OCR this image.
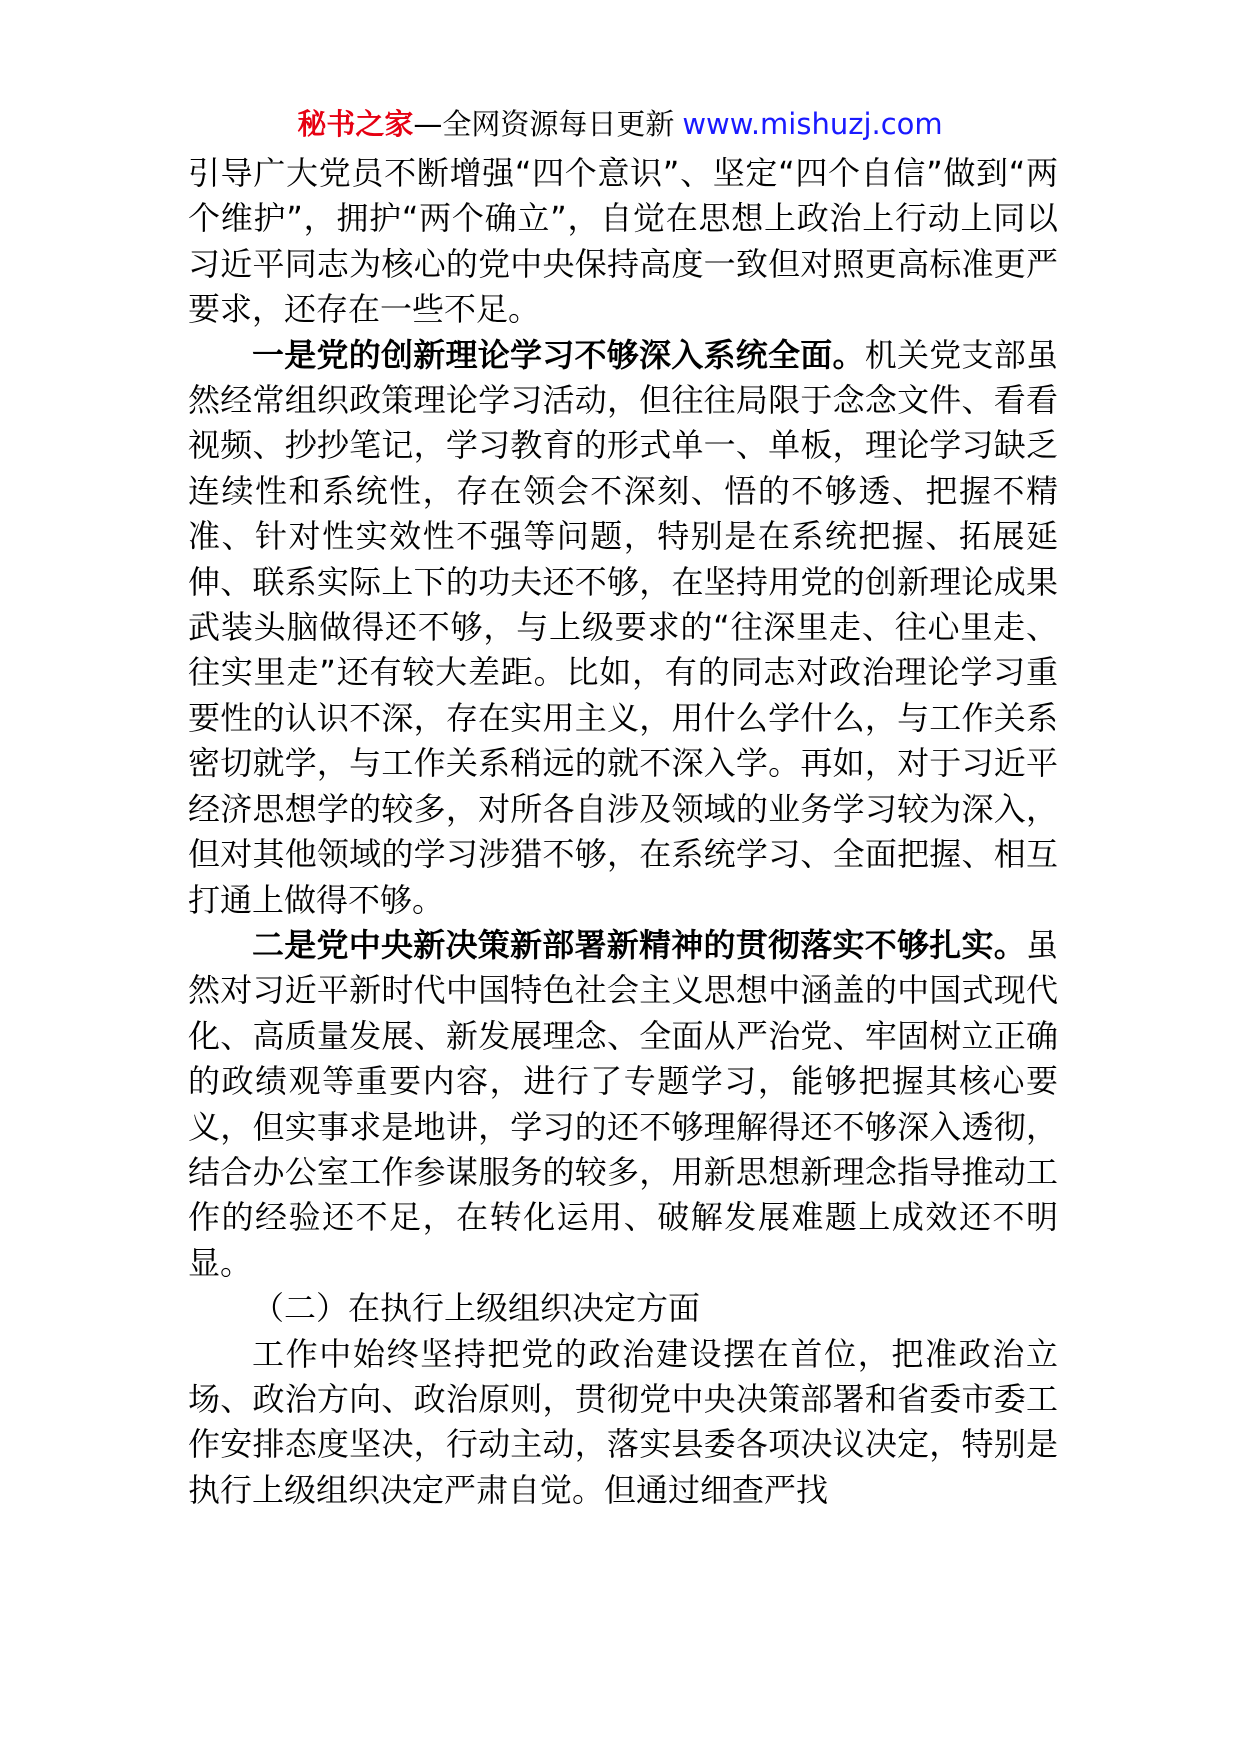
秘书之家—全网资源每日更新 www.mishuzj.com

引导广大党员不断增强“四个意识”、坚定“四个自信”做到“两个维护”，拥护“两个确立”，自觉在思想上政治上行动上同以习近平同志为核心的党中央保持高度一致但对照更高标准更严要求，还存在一些不足。

一是党的创新理论学习不够深入系统全面。机关党支部虽然经常组织政策理论学习活动，但往往局限于念念文件、看看视频、抄抄笔记，学习教育的形式单一、单板，理论学习缺乏连续性和系统性，存在领会不深刻、悟的不够透、把握不精准、针对性实效性不强等问题，特别是在系统把握、拓展延伸、联系实际上下的功夫还不够，在坚持用党的创新理论成果武装头脑做得还不够，与上级要求的“往深里走、往心里走、往实里走”还有较大差距。比如，有的同志对政治理论学习重要性的认识不深，存在实用主义，用什么学什么，与工作关系密切就学，与工作关系稍远的就不深入学。再如，对于习近平经济思想学的较多，对所各自涉及领域的业务学习较为深入，但对其他领域的学习涉猎不够，在系统学习、全面把握、相互打通上做得不够。

二是党中央新决策新部署新精神的贯彻落实不够扎实。虽然对习近平新时代中国特色社会主义思想中涵盖的中国式现代化、高质量发展、新发展理念、全面从严治党、牢固树立正确的政绩观等重要内容，进行了专题学习，能够把握其核心要义，但实事求是地讲，学习的还不够理解得还不够深入透彻，结合办公室工作参谋服务的较多，用新思想新理念指导推动工作的经验还不足，在转化运用、破解发展难题上成效还不明显。

（二）在执行上级组织决定方面

工作中始终坚持把党的政治建设摆在首位，把准政治立场、政治方向、政治原则，贯彻党中央决策部署和省委市委工作安排态度坚决，行动主动，落实县委各项决议决定，特别是执行上级组织决定严肃自觉。但通过细查严找
